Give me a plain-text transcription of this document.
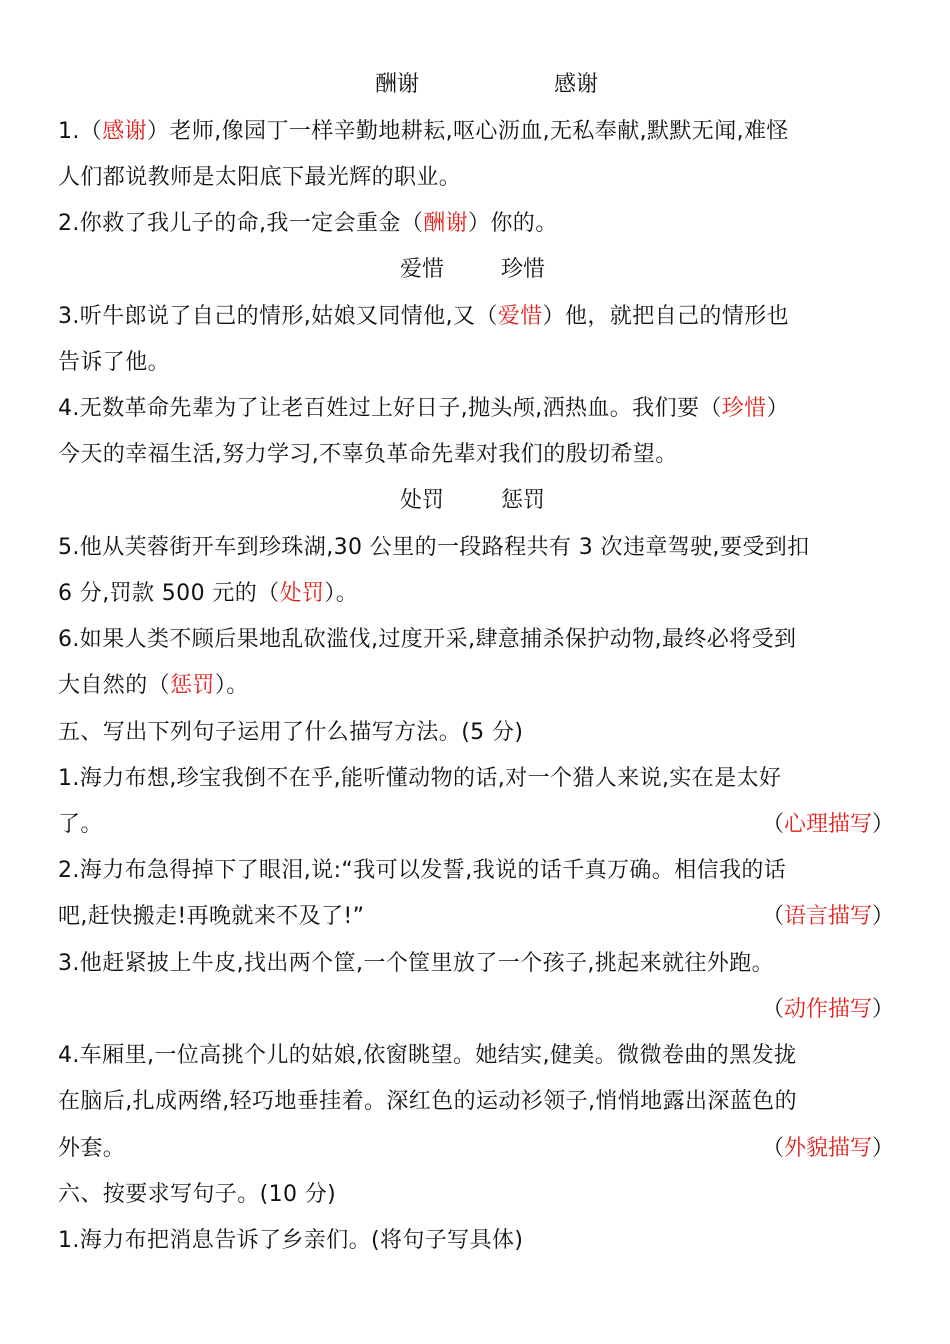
酬谢	感谢
1.（感谢）老师,像园丁一样辛勤地耕耘,呕心沥血,无私奉献,默默无闻,难怪
人们都说教师是太阳底下最光辉的职业。
2.你救了我儿子的命,我一定会重金（酬谢）你的。
爱惜	珍惜
3.听牛郎说了自己的情形,姑娘又同情他,又（爱惜）他，就把自己的情形也
告诉了他。
4.无数革命先辈为了让老百姓过上好日子,抛头颅,洒热血。我们要（珍惜）
今天的幸福生活,努力学习,不辜负革命先辈对我们的殷切希望。
处罚	惩罚
5.他从芙蓉街开车到珍珠湖,30 公里的一段路程共有 3 次违章驾驶,要受到扣
6 分,罚款 500 元的（处罚）。
6.如果人类不顾后果地乱砍滥伐,过度开采,肆意捕杀保护动物,最终必将受到
大自然的（惩罚）。
五、写出下列句子运用了什么描写方法。(5 分)
1.海力布想,珍宝我倒不在乎,能听懂动物的话,对一个猎人来说,实在是太好
了。	（心理描写）
2.海力布急得掉下了眼泪,说:“我可以发誓,我说的话千真万确。相信我的话
吧,赶快搬走!再晚就来不及了!”	（语言描写）
3.他赶紧披上牛皮,找出两个筐,一个筐里放了一个孩子,挑起来就往外跑。
（动作描写）
4.车厢里,一位高挑个儿的姑娘,依窗眺望。她结实,健美。微微卷曲的黑发拢
在脑后,扎成两绺,轻巧地垂挂着。深红色的运动衫领子,悄悄地露出深蓝色的
外套。	（外貌描写）
六、按要求写句子。(10 分)
1.海力布把消息告诉了乡亲们。(将句子写具体)
